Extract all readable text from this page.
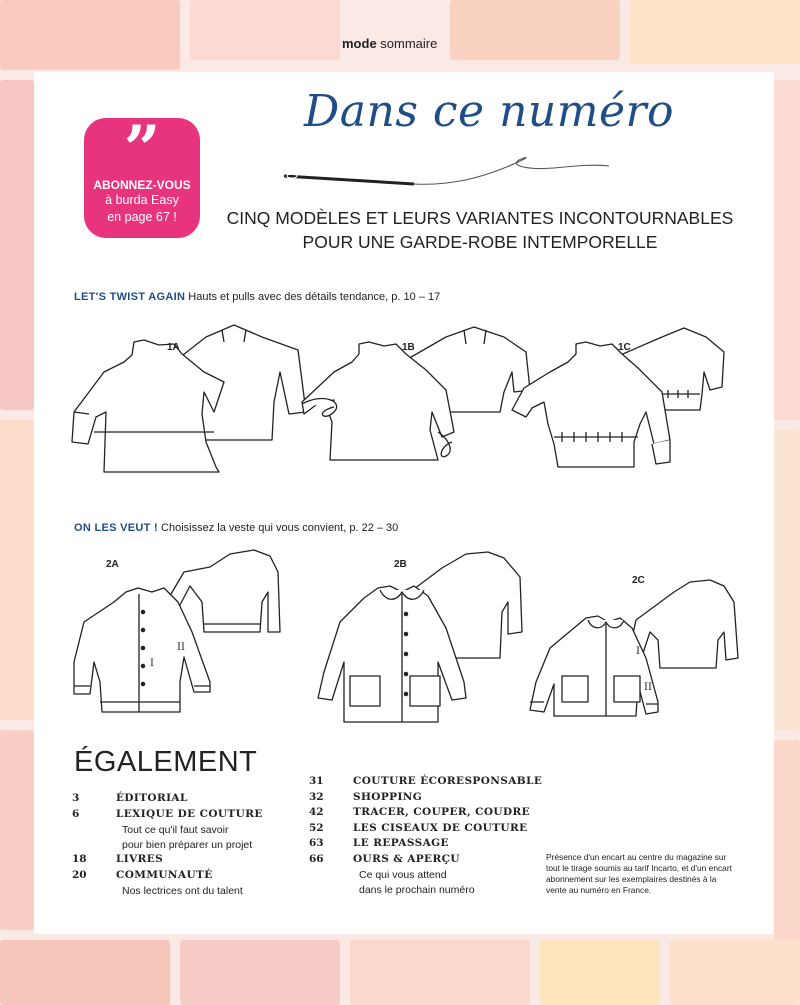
mode sommaire
”
ABONNEZ-VOUS
à burda Easy
en page 67 !
Dans ce numéro
CINQ MODÈLES ET LEURS VARIANTES INCONTOURNABLES
POUR UNE GARDE-ROBE INTEMPORELLE
LET'S TWIST AGAIN Hauts et pulls avec des détails tendance, p. 10 – 17
1A	1B	1C
ON LES VEUT ! Choisissez la veste qui vous convient, p. 22 – 30
2A	2B
2C
I
II	I
II
ÉGALEMENT
3	ÉDITORIAL
6	LEXIQUE DE COUTURE
Tout ce qu'il faut savoir
pour bien préparer un projet
18	LIVRES
20	COMMUNAUTÉ
Nos lectrices ont du talent
31	COUTURE ÉCORESPONSABLE
32	SHOPPING
42	TRACER, COUPER, COUDRE
52	LES CISEAUX DE COUTURE
63	LE REPASSAGE
66	OURS & APERÇU
Ce qui vous attend
dans le prochain numéro
Présence d'un encart au centre du magazine sur tout le tirage soumis au tarif Incarto, et d'un encart abonnement sur les exemplaires destinés à la vente au numéro en France.
